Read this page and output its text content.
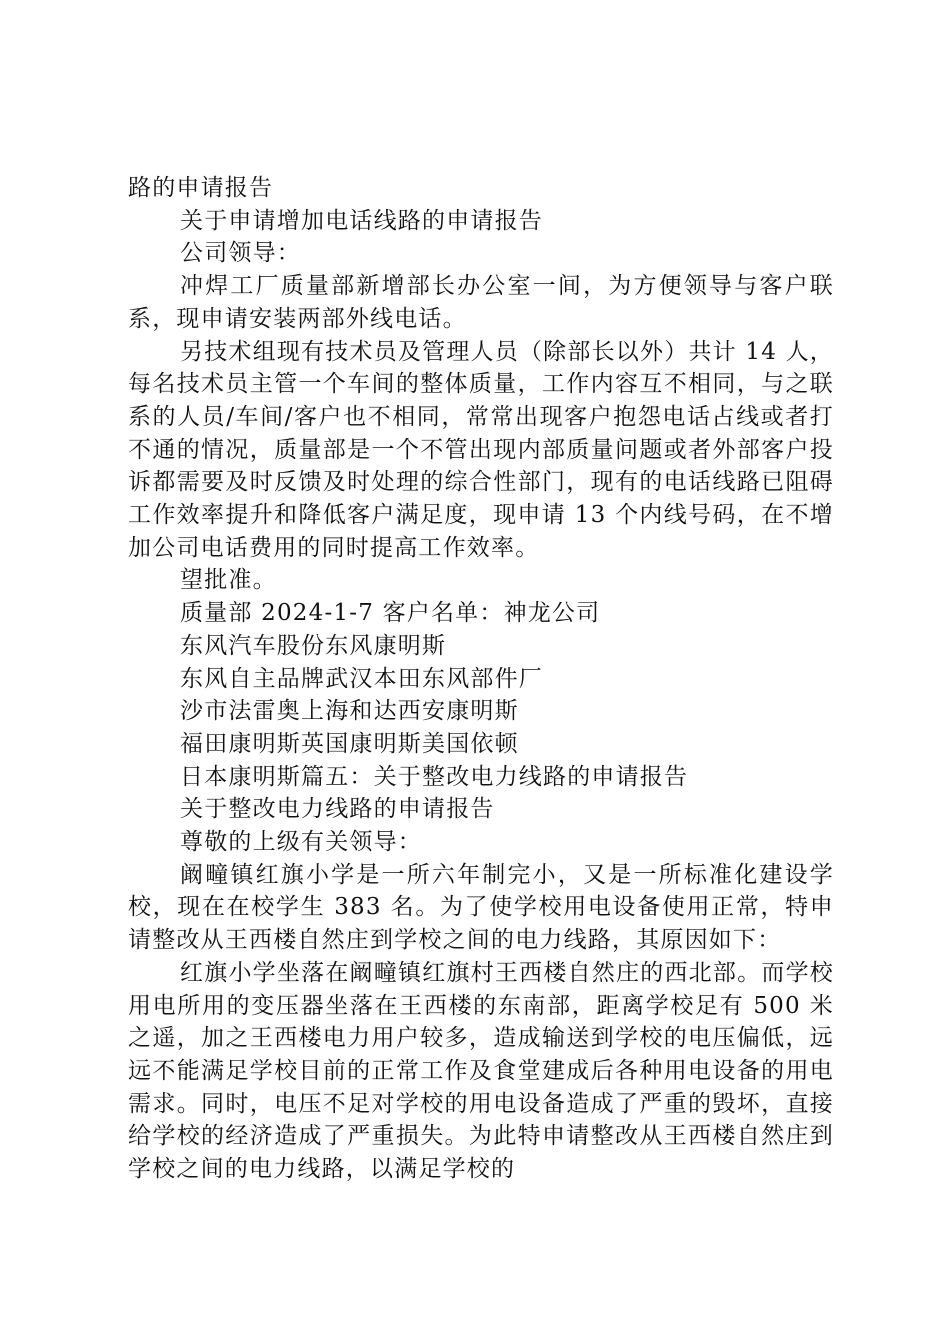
路的申请报告

关于申请增加电话线路的申请报告

公司领导：

冲焊工厂质量部新增部长办公室一间，为方便领导与客户联系，现申请安装两部外线电话。

另技术组现有技术员及管理人员（除部长以外）共计 14 人，每名技术员主管一个车间的整体质量，工作内容互不相同，与之联系的人员/车间/客户也不相同，常常出现客户抱怨电话占线或者打不通的情况，质量部是一个不管出现内部质量问题或者外部客户投诉都需要及时反馈及时处理的综合性部门，现有的电话线路已阻碍工作效率提升和降低客户满足度，现申请 13 个内线号码，在不增加公司电话费用的同时提高工作效率。

望批准。

质量部 2024-1-7 客户名单：神龙公司

东风汽车股份东风康明斯

东风自主品牌武汉本田东风部件厂

沙市法雷奥上海和达西安康明斯

福田康明斯英国康明斯美国依顿

日本康明斯篇五：关于整改电力线路的申请报告

关于整改电力线路的申请报告

尊敬的上级有关领导：

阚疃镇红旗小学是一所六年制完小，又是一所标准化建设学校，现在在校学生 383 名。为了使学校用电设备使用正常，特申请整改从王西楼自然庄到学校之间的电力线路，其原因如下：

红旗小学坐落在阚疃镇红旗村王西楼自然庄的西北部。而学校用电所用的变压器坐落在王西楼的东南部，距离学校足有 500 米之遥，加之王西楼电力用户较多，造成输送到学校的电压偏低，远远不能满足学校目前的正常工作及食堂建成后各种用电设备的用电需求。同时，电压不足对学校的用电设备造成了严重的毁坏，直接给学校的经济造成了严重损失。为此特申请整改从王西楼自然庄到学校之间的电力线路，以满足学校的
